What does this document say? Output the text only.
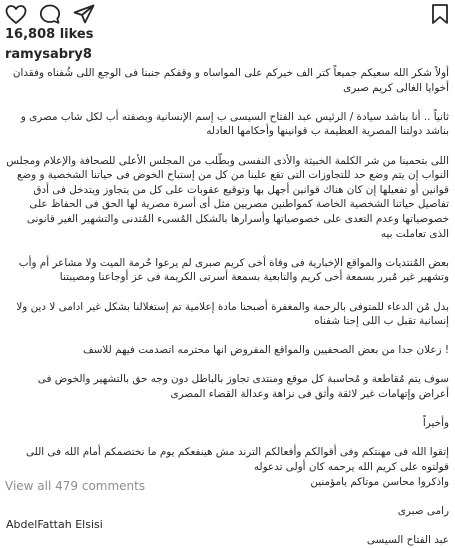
16,808 likes
ramysabry8

أولاً شكر الله سعيكم جميعاً كتر الف خيركم على المواساه و وقفكم جنبنا فى الوجع اللى شُفناه وفقدان أخوايا الغالى كريم صبرى

ثانياً .. أنا بناشد سيادة / الرئيس عبد الفتاح السيسى ب إسم الإنسانية وبصفته أب لكل شاب مصرى و بناشد دولتنا المصرية العظيمة ب قوانينها وأحكامها العادله

اللى بتحمينا من شر الكلمة الخبيثة والأذى النفسى وبطّلب من المجلس الأعلى للصحافة والإعلام ومجلس النواب إن يتم وضع حد للتجاوزات التى تقع علينا من كل من إستباح الخوض فى حياتنا الشخصية و وضع قوانين أو تفعيلها إن كان هناك قوانين أجهل بها وتوقيع عقوبات على كل من يتجاوز ويتدخل فى أدق تفاصيل حياتنا الشخصية الخاصة كمواطنين مصريين مثل أى أسرة مصرية لها الحق فى الحفاظ على خصوصياتها وعدم التعدى على خصوصياتها وأسرارها بالشكل المُسىء المُتدنى والتشهير الغير قانونى الذى تعاملت بيه

بعض المُنتديات والمواقع الإخبارية فى وفاة أخى كريم صبرى لم يرعوا حُرمة الميت ولا مشاعر أم وأب وتشهير غير مُبرر بسمعة أخى كريم والتابعية بسمعة أسرتى الكريمة فى عز أوجاعنا ومصيبتنا

بدل مُن الدعاء للمتوفى بالرحمة والمغفرة أصبحنا مادة إعلامية تم إستغلالنا بشكل غير ادامى لا دين ولا إنسانية تقبل ب اللى إحنا شفناه

! زعلان جدا من بعض الصحفيين والمواقع المفروض انها محترمه اتصدمت فيهم للاسف

سوف يتم مُقاطعة و مُحاسبة كل موقع ومنتدى تجاوز بالباطل دون وجه حق بالتشهير والخوض فى أعراض وإتهامات غير لائقة وأثق فى نزاهة وعدالة القضاء المصرى

وأخيراً

إتقوا الله فى مهنتكم وفى أقوالكم وأفعالكم الترند مش هينفعكم يوم ما نختصمكم أمام الله فى اللى قولتوه على كريم الله يرحمه كان أولى تدعوله

واذكروا محاسن موتاكم يامؤمنين

رامى صبرى

AbdelFattah Elsisi

عبد الفتاح السيسى

View all 479 comments
